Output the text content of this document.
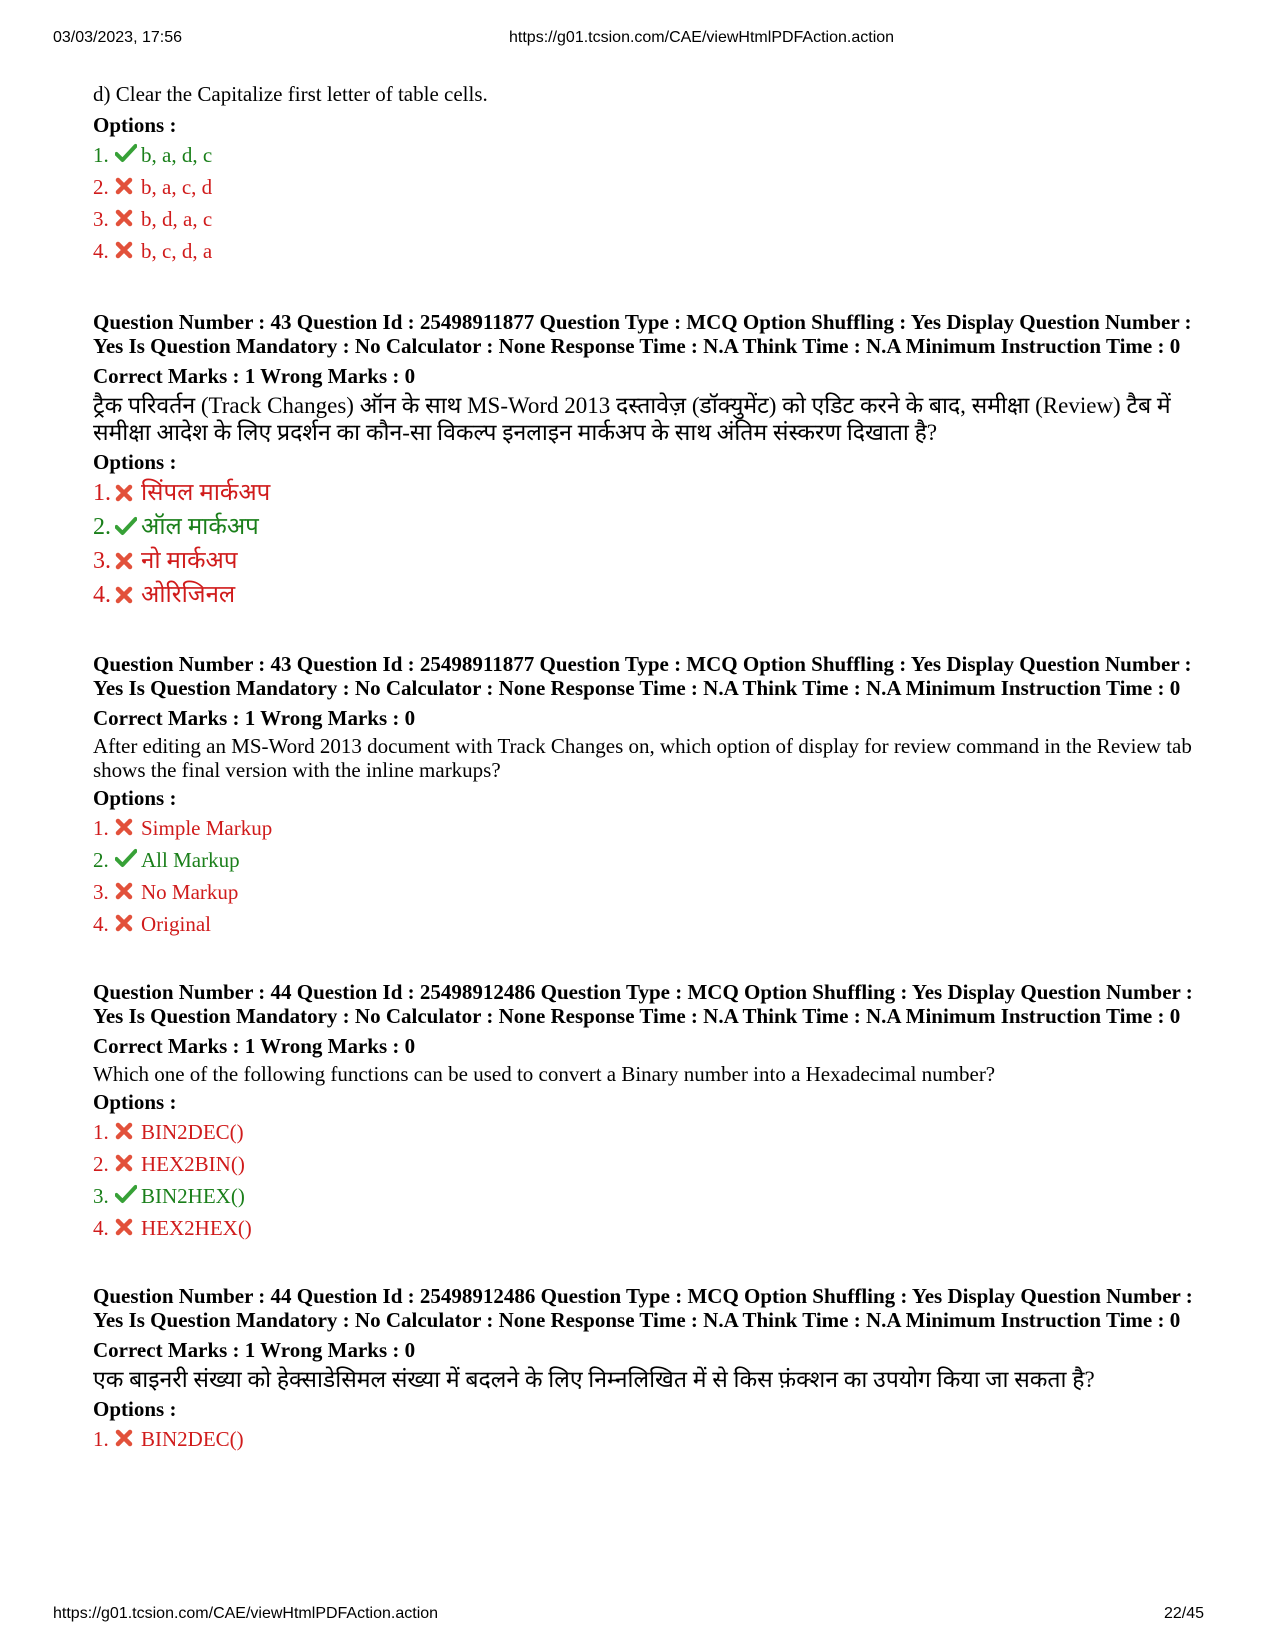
03/03/2023, 17:56	https://g01.tcsion.com/CAE/viewHtmlPDFAction.action

d) Clear the Capitalize first letter of table cells.

Options :
1. b, a, d, c
2. b, a, c, d
3. b, d, a, c
4. b, c, d, a

Question Number : 43 Question Id : 25498911877 Question Type : MCQ Option Shuffling : Yes Display Question Number : Yes Is Question Mandatory : No Calculator : None Response Time : N.A Think Time : N.A Minimum Instruction Time : 0

Correct Marks : 1 Wrong Marks : 0

ट्रैक परिवर्तन (Track Changes) ऑन के साथ MS-Word 2013 दस्तावेज़ (डॉक्युमेंट) को एडिट करने के बाद, समीक्षा (Review) टैब में समीक्षा आदेश के लिए प्रदर्शन का कौन-सा विकल्प इनलाइन मार्कअप के साथ अंतिम संस्करण दिखाता है?

Options :
1. सिंपल मार्कअप
2. ऑल मार्कअप
3. नो मार्कअप
4. ओरिजिनल

Question Number : 43 Question Id : 25498911877 Question Type : MCQ Option Shuffling : Yes Display Question Number : Yes Is Question Mandatory : No Calculator : None Response Time : N.A Think Time : N.A Minimum Instruction Time : 0

Correct Marks : 1 Wrong Marks : 0

After editing an MS-Word 2013 document with Track Changes on, which option of display for review command in the Review tab shows the final version with the inline markups?

Options :
1. Simple Markup
2. All Markup
3. No Markup
4. Original

Question Number : 44 Question Id : 25498912486 Question Type : MCQ Option Shuffling : Yes Display Question Number : Yes Is Question Mandatory : No Calculator : None Response Time : N.A Think Time : N.A Minimum Instruction Time : 0

Correct Marks : 1 Wrong Marks : 0

Which one of the following functions can be used to convert a Binary number into a Hexadecimal number?

Options :
1. BIN2DEC()
2. HEX2BIN()
3. BIN2HEX()
4. HEX2HEX()

Question Number : 44 Question Id : 25498912486 Question Type : MCQ Option Shuffling : Yes Display Question Number : Yes Is Question Mandatory : No Calculator : None Response Time : N.A Think Time : N.A Minimum Instruction Time : 0

Correct Marks : 1 Wrong Marks : 0

एक बाइनरी संख्या को हेक्साडेसिमल संख्या में बदलने के लिए निम्नलिखित में से किस फ़ंक्शन का उपयोग किया जा सकता है?

Options :
1. BIN2DEC()
https://g01.tcsion.com/CAE/viewHtmlPDFAction.action	22/45
